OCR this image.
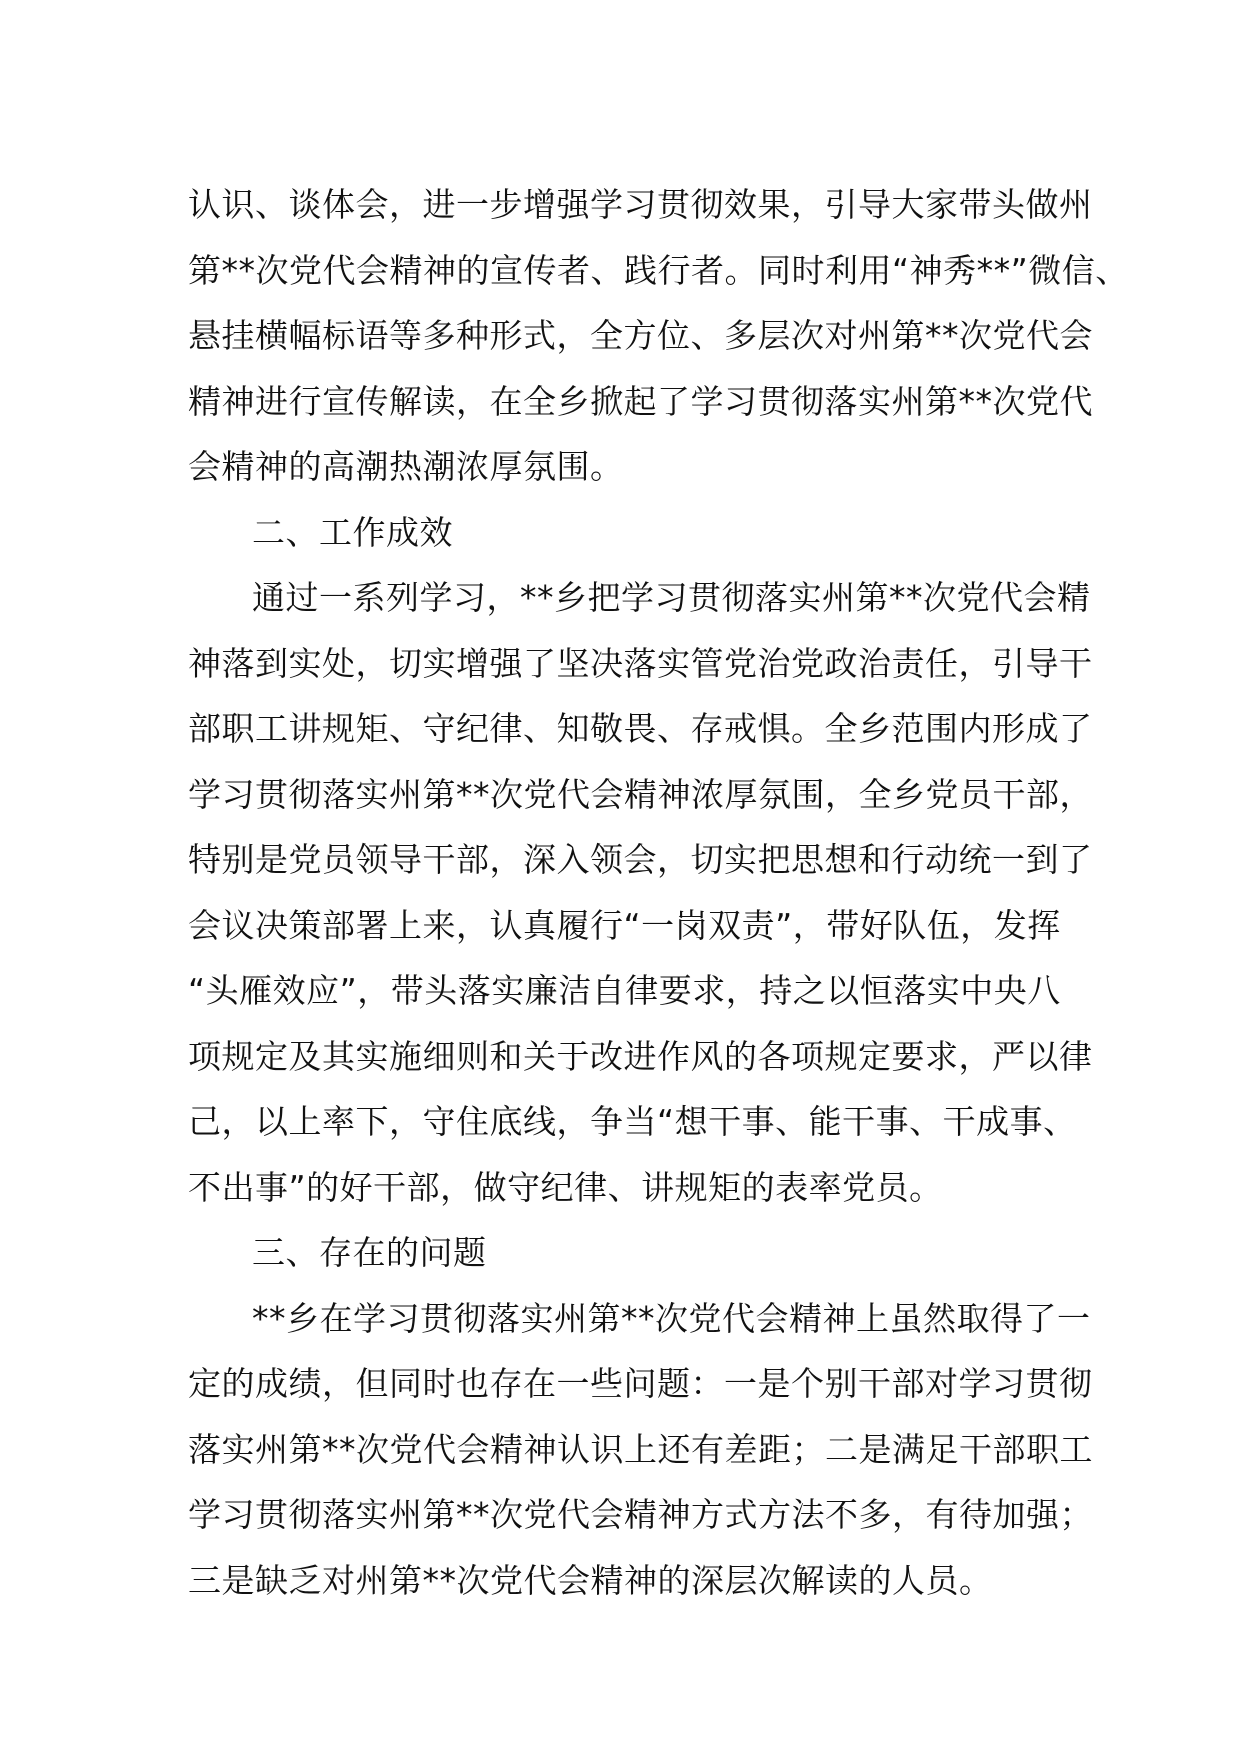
认识、谈体会，进一步增强学习贯彻效果，引导大家带头做州
第**次党代会精神的宣传者、践行者。同时利用“神秀**”微信、
悬挂横幅标语等多种形式，全方位、多层次对州第**次党代会
精神进行宣传解读，在全乡掀起了学习贯彻落实州第**次党代
会精神的高潮热潮浓厚氛围。
二、工作成效
通过一系列学习，**乡把学习贯彻落实州第**次党代会精
神落到实处，切实增强了坚决落实管党治党政治责任，引导干
部职工讲规矩、守纪律、知敬畏、存戒惧。全乡范围内形成了
学习贯彻落实州第**次党代会精神浓厚氛围，全乡党员干部，
特别是党员领导干部，深入领会，切实把思想和行动统一到了
会议决策部署上来，认真履行“一岗双责”，带好队伍，发挥
“头雁效应”，带头落实廉洁自律要求，持之以恒落实中央八
项规定及其实施细则和关于改进作风的各项规定要求，严以律
己，以上率下，守住底线，争当“想干事、能干事、干成事、
不出事”的好干部，做守纪律、讲规矩的表率党员。
三、存在的问题
**乡在学习贯彻落实州第**次党代会精神上虽然取得了一
定的成绩，但同时也存在一些问题：一是个别干部对学习贯彻
落实州第**次党代会精神认识上还有差距；二是满足干部职工
学习贯彻落实州第**次党代会精神方式方法不多，有待加强；
三是缺乏对州第**次党代会精神的深层次解读的人员。
